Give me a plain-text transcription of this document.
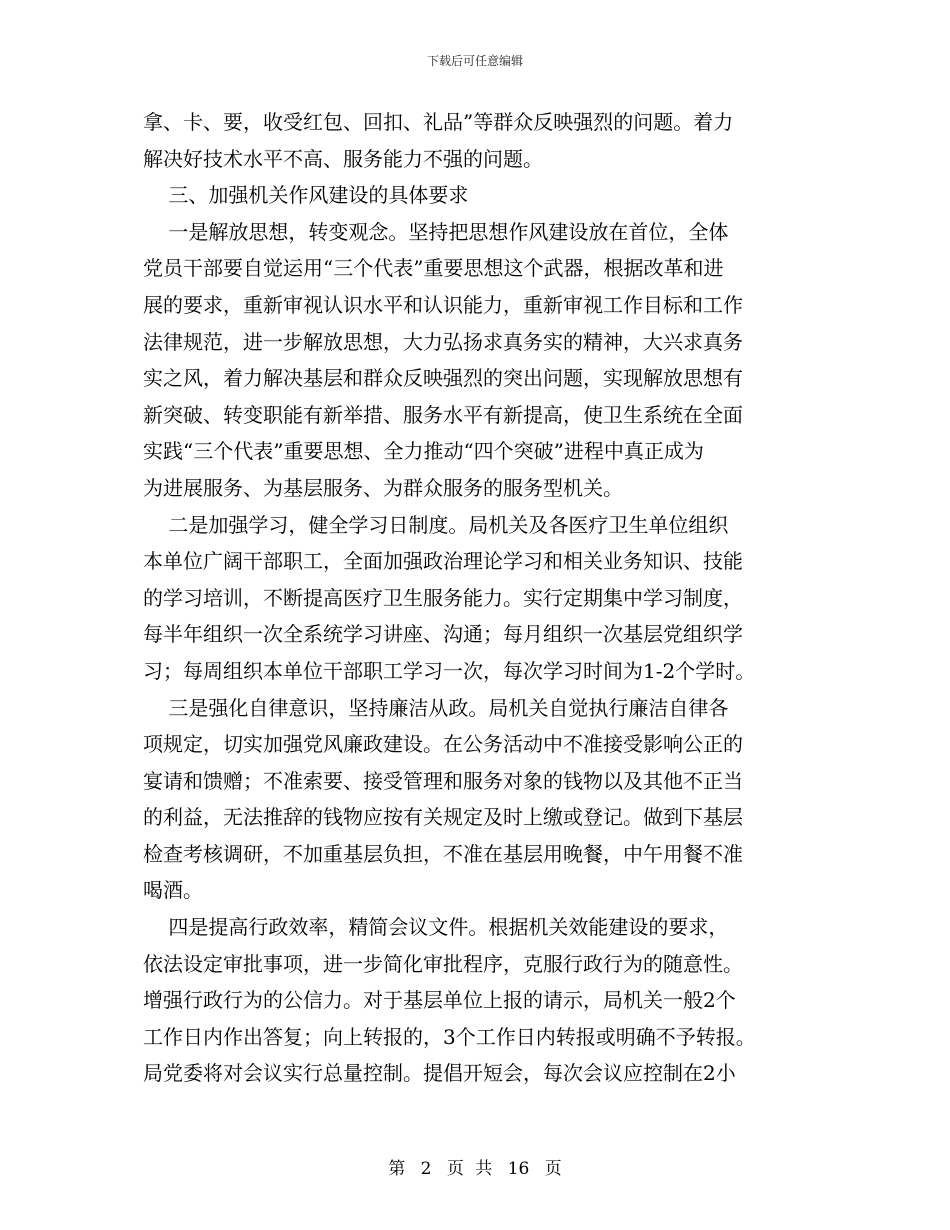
下载后可任意编辑
拿、卡、要，收受红包、回扣、礼品”等群众反映强烈的问题。着力
解决好技术水平不高、服务能力不强的问题。
三、加强机关作风建设的具体要求
一是解放思想，转变观念。坚持把思想作风建设放在首位，全体
党员干部要自觉运用“三个代表”重要思想这个武器，根据改革和进
展的要求，重新审视认识水平和认识能力，重新审视工作目标和工作
法律规范，进一步解放思想，大力弘扬求真务实的精神，大兴求真务
实之风，着力解决基层和群众反映强烈的突出问题，实现解放思想有
新突破、转变职能有新举措、服务水平有新提高，使卫生系统在全面
实践“三个代表”重要思想、全力推动“四个突破”进程中真正成为
为进展服务、为基层服务、为群众服务的服务型机关。
二是加强学习，健全学习日制度。局机关及各医疗卫生单位组织
本单位广阔干部职工，全面加强政治理论学习和相关业务知识、技能
的学习培训，不断提高医疗卫生服务能力。实行定期集中学习制度，
每半年组织一次全系统学习讲座、沟通；每月组织一次基层党组织学
习；每周组织本单位干部职工学习一次，每次学习时间为1-2个学时。
三是强化自律意识，坚持廉洁从政。局机关自觉执行廉洁自律各
项规定，切实加强党风廉政建设。在公务活动中不准接受影响公正的
宴请和馈赠；不准索要、接受管理和服务对象的钱物以及其他不正当
的利益，无法推辞的钱物应按有关规定及时上缴或登记。做到下基层
检查考核调研，不加重基层负担，不准在基层用晚餐，中午用餐不准
喝酒。
四是提高行政效率，精简会议文件。根据机关效能建设的要求，
依法设定审批事项，进一步简化审批程序，克服行政行为的随意性。
增强行政行为的公信力。对于基层单位上报的请示，局机关一般2个
工作日内作出答复；向上转报的，3个工作日内转报或明确不予转报。
局党委将对会议实行总量控制。提倡开短会，每次会议应控制在2小
第 2 页 共 16 页
